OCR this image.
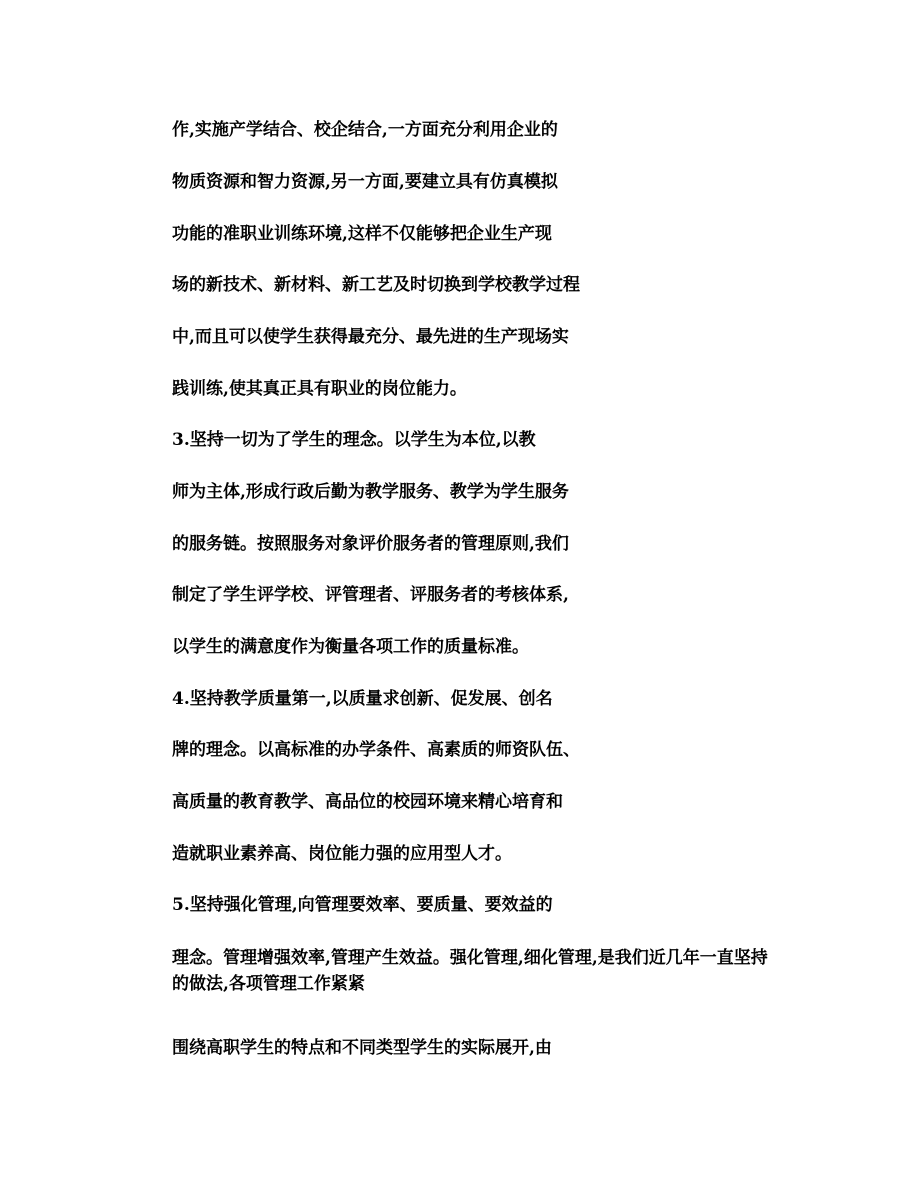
作,实施产学结合、校企结合,一方面充分利用企业的
物质资源和智力资源,另一方面,要建立具有仿真模拟
功能的准职业训练环境,这样不仅能够把企业生产现
场的新技术、新材料、新工艺及时切换到学校教学过程
中,而且可以使学生获得最充分、最先进的生产现场实
践训练,使其真正具有职业的岗位能力。
3.坚持一切为了学生的理念。以学生为本位,以教
师为主体,形成行政后勤为教学服务、教学为学生服务
的服务链。按照服务对象评价服务者的管理原则,我们
制定了学生评学校、评管理者、评服务者的考核体系,
以学生的满意度作为衡量各项工作的质量标准。
4.坚持教学质量第一,以质量求创新、促发展、创名
牌的理念。以高标准的办学条件、高素质的师资队伍、
高质量的教育教学、高品位的校园环境来精心培育和
造就职业素养高、岗位能力强的应用型人才。
5.坚持强化管理,向管理要效率、要质量、要效益的
理念。管理增强效率,管理产生效益。强化管理,细化管理,是我们近几年一直坚持的做法,各项管理工作紧紧
围绕高职学生的特点和不同类型学生的实际展开,由
